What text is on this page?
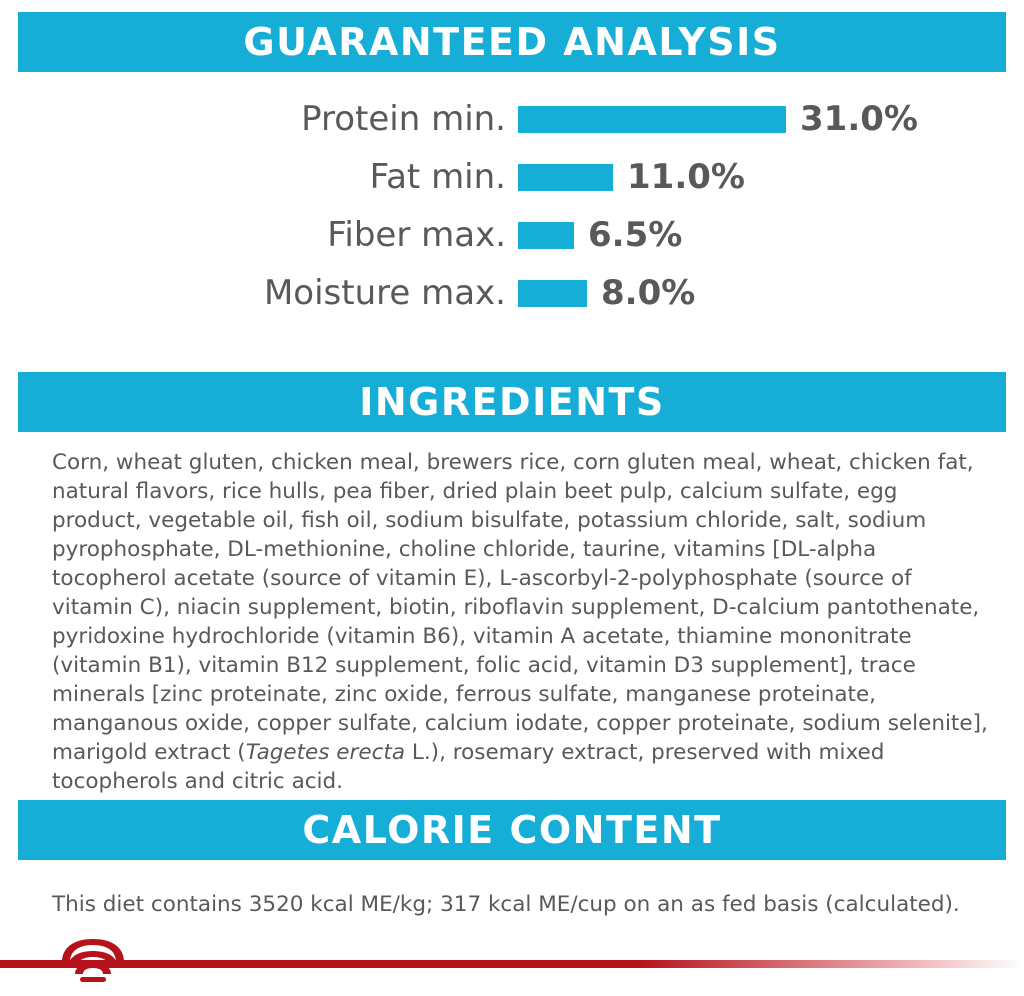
GUARANTEED ANALYSIS
Protein min.	31.0%
Fat min.	11.0%
Fiber max.	6.5%
Moisture max.	8.0%
INGREDIENTS
Corn, wheat gluten, chicken meal, brewers rice, corn gluten meal, wheat, chicken fat, natural flavors, rice hulls, pea fiber, dried plain beet pulp, calcium sulfate, egg product, vegetable oil, fish oil, sodium bisulfate, potassium chloride, salt, sodium pyrophosphate, DL-methionine, choline chloride, taurine, vitamins [DL-alpha tocopherol acetate (source of vitamin E), L-ascorbyl-2-polyphosphate (source of vitamin C), niacin supplement, biotin, riboflavin supplement, D-calcium pantothenate, pyridoxine hydrochloride (vitamin B6), vitamin A acetate, thiamine mononitrate (vitamin B1), vitamin B12 supplement, folic acid, vitamin D3 supplement], trace minerals [zinc proteinate, zinc oxide, ferrous sulfate, manganese proteinate, manganous oxide, copper sulfate, calcium iodate, copper proteinate, sodium selenite], marigold extract (Tagetes erecta L.), rosemary extract, preserved with mixed tocopherols and citric acid.
CALORIE CONTENT
This diet contains 3520 kcal ME/kg; 317 kcal ME/cup on an as fed basis (calculated).
